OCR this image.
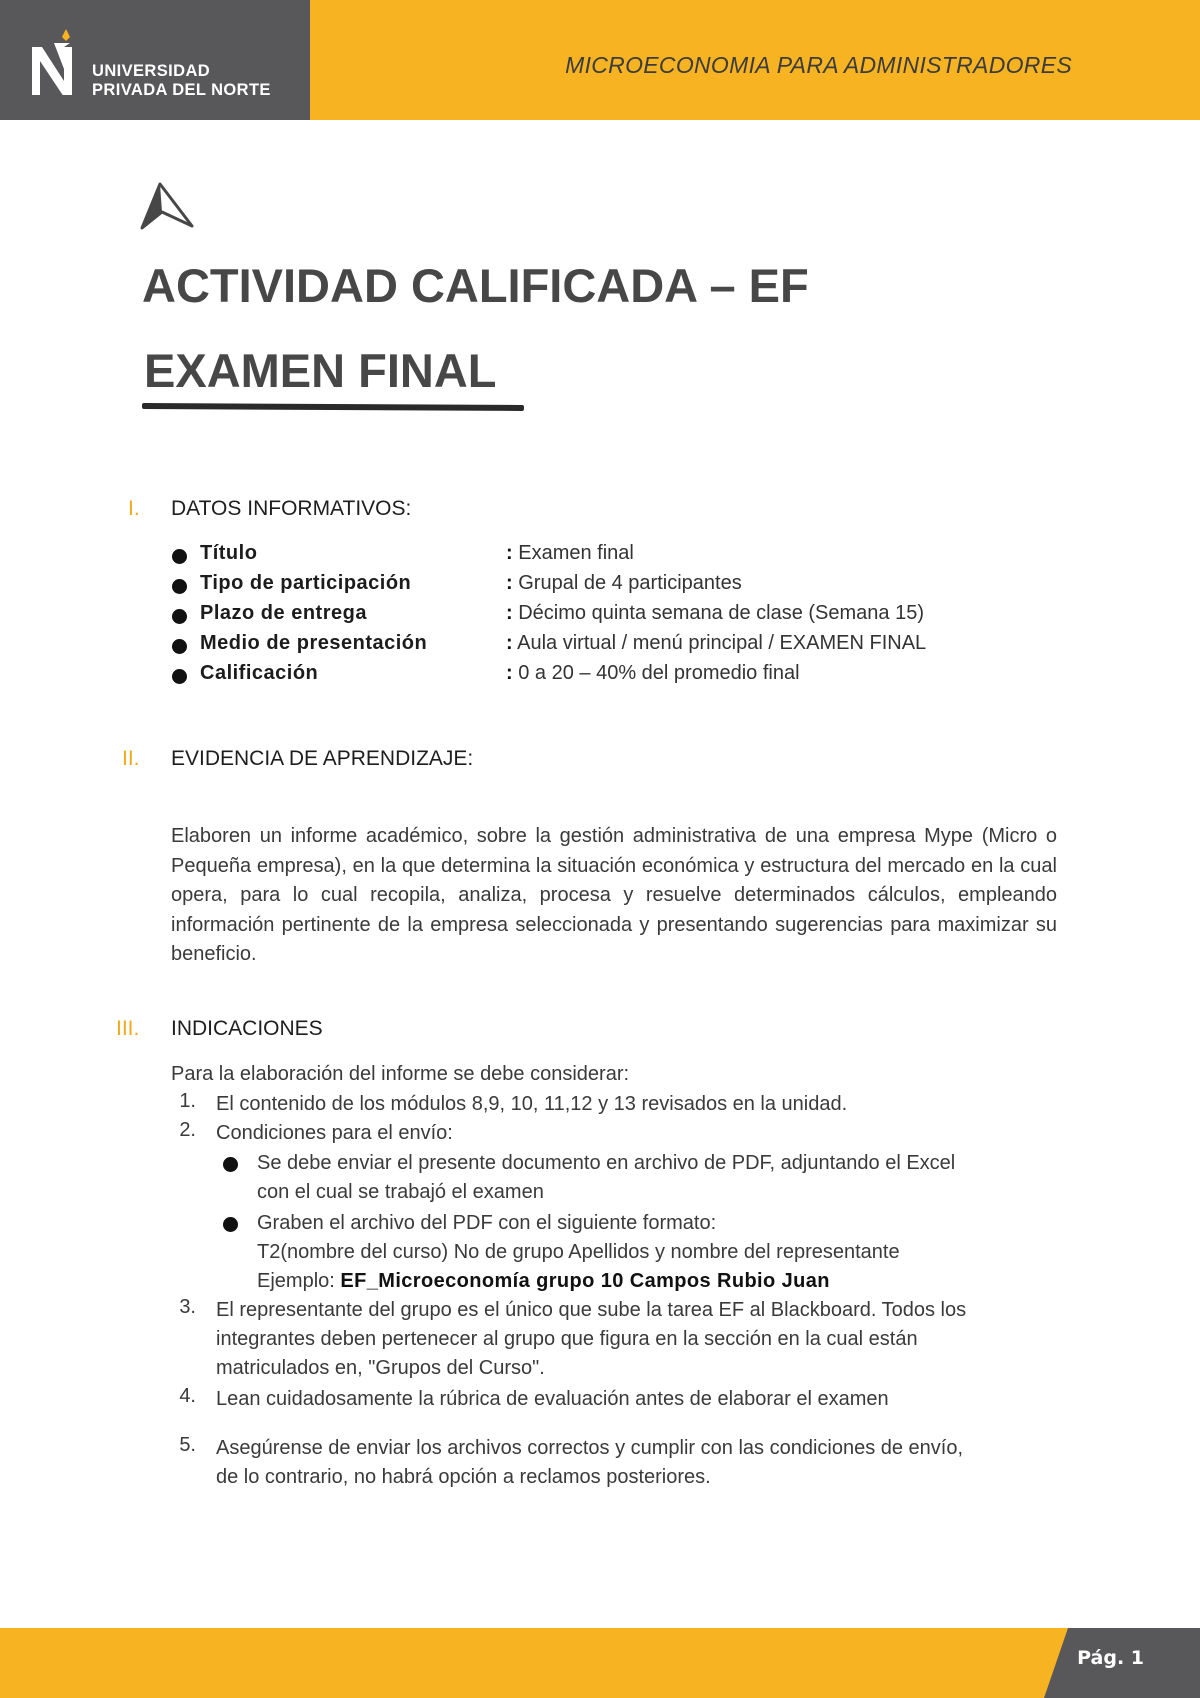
UNIVERSIDAD
PRIVADA DEL NORTE
MICROECONOMIA PARA ADMINISTRADORES
ACTIVIDAD CALIFICADA – EF
EXAMEN FINAL
I. DATOS INFORMATIVOS:
Título	: Examen final
Tipo de participación	: Grupal de 4 participantes
Plazo de entrega	: Décimo quinta semana de clase (Semana 15)
Medio de presentación	: Aula virtual / menú principal / EXAMEN FINAL
Calificación	: 0 a 20 – 40% del promedio final
II. EVIDENCIA DE APRENDIZAJE:

Elaboren un informe académico, sobre la gestión administrativa de una empresa Mype (Micro o Pequeña empresa), en la que determina la situación económica y estructura del mercado en la cual opera, para lo cual recopila, analiza, procesa y resuelve determinados cálculos, empleando información pertinente de la empresa seleccionada y presentando sugerencias para maximizar su beneficio.

III. INDICACIONES
Para la elaboración del informe se debe considerar:
1. El contenido de los módulos 8,9, 10, 11,12 y 13 revisados en la unidad.
2. Condiciones para el envío:
Se debe enviar el presente documento en archivo de PDF, adjuntando el Excel
con el cual se trabajó el examen
Graben el archivo del PDF con el siguiente formato:
T2(nombre del curso) No de grupo Apellidos y nombre del representante
Ejemplo: EF_Microeconomía grupo 10 Campos Rubio Juan
3. El representante del grupo es el único que sube la tarea EF al Blackboard. Todos los
integrantes deben pertenecer al grupo que figura en la sección en la cual están
matriculados en, "Grupos del Curso".
4. Lean cuidadosamente la rúbrica de evaluación antes de elaborar el examen
5. Asegúrense de enviar los archivos correctos y cumplir con las condiciones de envío,
de lo contrario, no habrá opción a reclamos posteriores.
Pág. 1
